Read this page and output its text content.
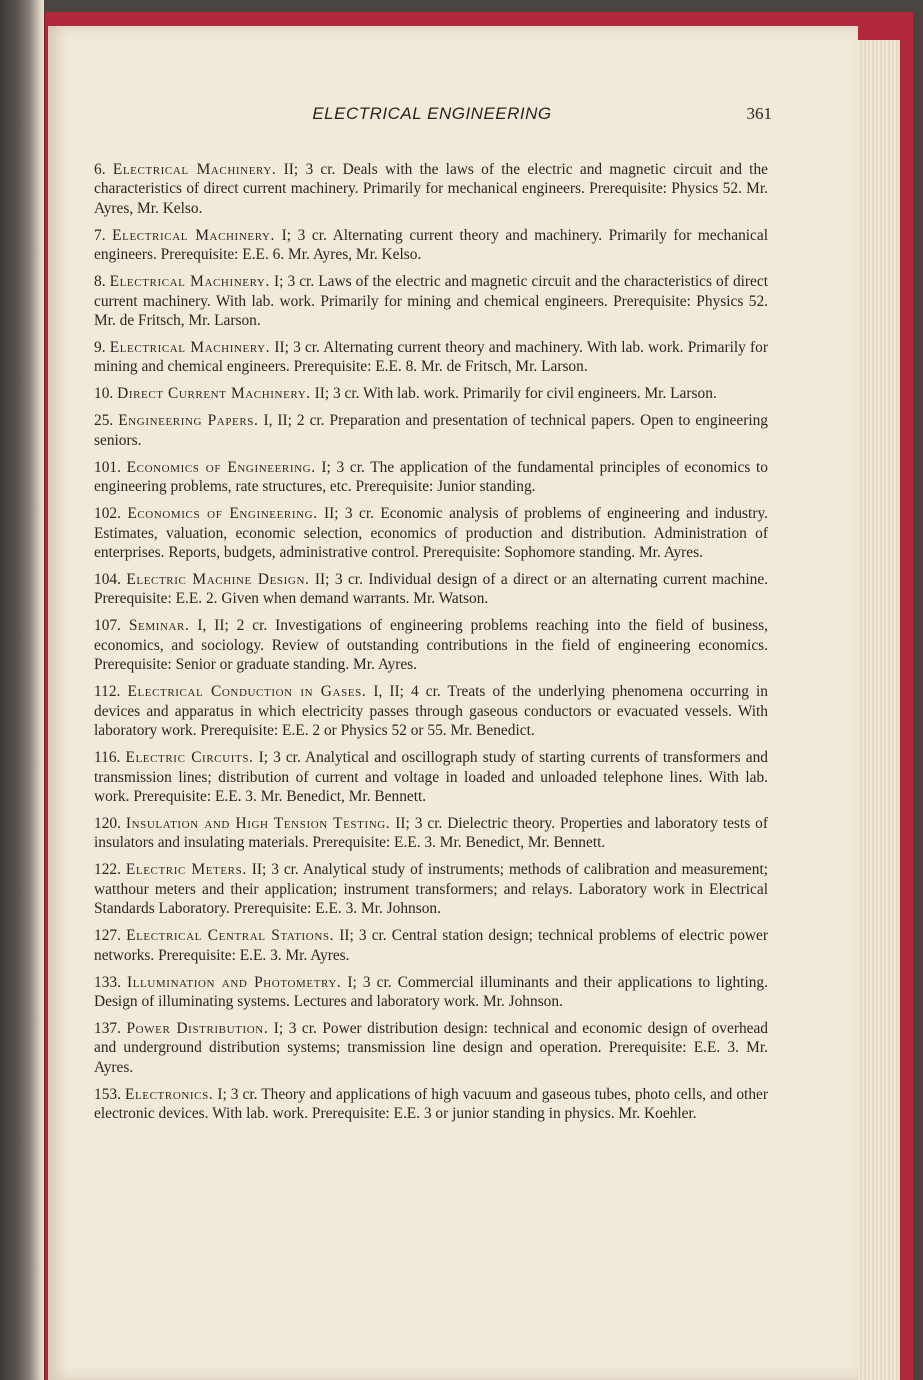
ELECTRICAL ENGINEERING	361

6. Electrical Machinery. II; 3 cr. Deals with the laws of the electric and magnetic circuit and the characteristics of direct current machinery. Primarily for mechanical engineers. Prerequisite: Physics 52. Mr. Ayres, Mr. Kelso.

7. Electrical Machinery. I; 3 cr. Alternating current theory and machinery. Primarily for mechanical engineers. Prerequisite: E.E. 6. Mr. Ayres, Mr. Kelso.

8. Electrical Machinery. I; 3 cr. Laws of the electric and magnetic circuit and the characteristics of direct current machinery. With lab. work. Primarily for mining and chemical engineers. Prerequisite: Physics 52. Mr. de Fritsch, Mr. Larson.

9. Electrical Machinery. II; 3 cr. Alternating current theory and machinery. With lab. work. Primarily for mining and chemical engineers. Prerequisite: E.E. 8. Mr. de Fritsch, Mr. Larson.

10. Direct Current Machinery. II; 3 cr. With lab. work. Primarily for civil engineers. Mr. Larson.

25. Engineering Papers. I, II; 2 cr. Preparation and presentation of technical papers. Open to engineering seniors.

101. Economics of Engineering. I; 3 cr. The application of the fundamental principles of economics to engineering problems, rate structures, etc. Prerequisite: Junior standing.

102. Economics of Engineering. II; 3 cr. Economic analysis of problems of engineering and industry. Estimates, valuation, economic selection, economics of production and distribution. Administration of enterprises. Reports, budgets, administrative control. Prerequisite: Sophomore standing. Mr. Ayres.

104. Electric Machine Design. II; 3 cr. Individual design of a direct or an alternating current machine. Prerequisite: E.E. 2. Given when demand warrants. Mr. Watson.

107. Seminar. I, II; 2 cr. Investigations of engineering problems reaching into the field of business, economics, and sociology. Review of outstanding contributions in the field of engineering economics. Prerequisite: Senior or graduate standing. Mr. Ayres.

112. Electrical Conduction in Gases. I, II; 4 cr. Treats of the underlying phenomena occurring in devices and apparatus in which electricity passes through gaseous conductors or evacuated vessels. With laboratory work. Prerequisite: E.E. 2 or Physics 52 or 55. Mr. Benedict.

116. Electric Circuits. I; 3 cr. Analytical and oscillograph study of starting currents of transformers and transmission lines; distribution of current and voltage in loaded and unloaded telephone lines. With lab. work. Prerequisite: E.E. 3. Mr. Benedict, Mr. Bennett.

120. Insulation and High Tension Testing. II; 3 cr. Dielectric theory. Properties and laboratory tests of insulators and insulating materials. Prerequisite: E.E. 3. Mr. Benedict, Mr. Bennett.

122. Electric Meters. II; 3 cr. Analytical study of instruments; methods of calibration and measurement; watthour meters and their application; instrument transformers; and relays. Laboratory work in Electrical Standards Laboratory. Prerequisite: E.E. 3. Mr. Johnson.

127. Electrical Central Stations. II; 3 cr. Central station design; technical problems of electric power networks. Prerequisite: E.E. 3. Mr. Ayres.

133. Illumination and Photometry. I; 3 cr. Commercial illuminants and their applications to lighting. Design of illuminating systems. Lectures and laboratory work. Mr. Johnson.

137. Power Distribution. I; 3 cr. Power distribution design: technical and economic design of overhead and underground distribution systems; transmission line design and operation. Prerequisite: E.E. 3. Mr. Ayres.

153. Electronics. I; 3 cr. Theory and applications of high vacuum and gaseous tubes, photo cells, and other electronic devices. With lab. work. Prerequisite: E.E. 3 or junior standing in physics. Mr. Koehler.
